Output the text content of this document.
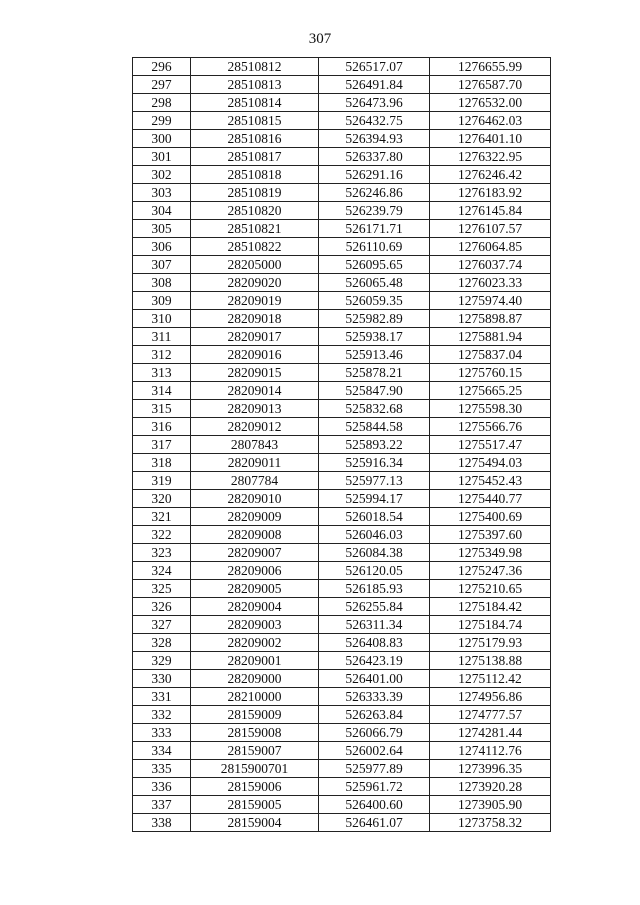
307
296	28510812	526517.07	1276655.99
297	28510813	526491.84	1276587.70
298	28510814	526473.96	1276532.00
299	28510815	526432.75	1276462.03
300	28510816	526394.93	1276401.10
301	28510817	526337.80	1276322.95
302	28510818	526291.16	1276246.42
303	28510819	526246.86	1276183.92
304	28510820	526239.79	1276145.84
305	28510821	526171.71	1276107.57
306	28510822	526110.69	1276064.85
307	28205000	526095.65	1276037.74
308	28209020	526065.48	1276023.33
309	28209019	526059.35	1275974.40
310	28209018	525982.89	1275898.87
311	28209017	525938.17	1275881.94
312	28209016	525913.46	1275837.04
313	28209015	525878.21	1275760.15
314	28209014	525847.90	1275665.25
315	28209013	525832.68	1275598.30
316	28209012	525844.58	1275566.76
317	2807843	525893.22	1275517.47
318	28209011	525916.34	1275494.03
319	2807784	525977.13	1275452.43
320	28209010	525994.17	1275440.77
321	28209009	526018.54	1275400.69
322	28209008	526046.03	1275397.60
323	28209007	526084.38	1275349.98
324	28209006	526120.05	1275247.36
325	28209005	526185.93	1275210.65
326	28209004	526255.84	1275184.42
327	28209003	526311.34	1275184.74
328	28209002	526408.83	1275179.93
329	28209001	526423.19	1275138.88
330	28209000	526401.00	1275112.42
331	28210000	526333.39	1274956.86
332	28159009	526263.84	1274777.57
333	28159008	526066.79	1274281.44
334	28159007	526002.64	1274112.76
335	2815900701	525977.89	1273996.35
336	28159006	525961.72	1273920.28
337	28159005	526400.60	1273905.90
338	28159004	526461.07	1273758.32
